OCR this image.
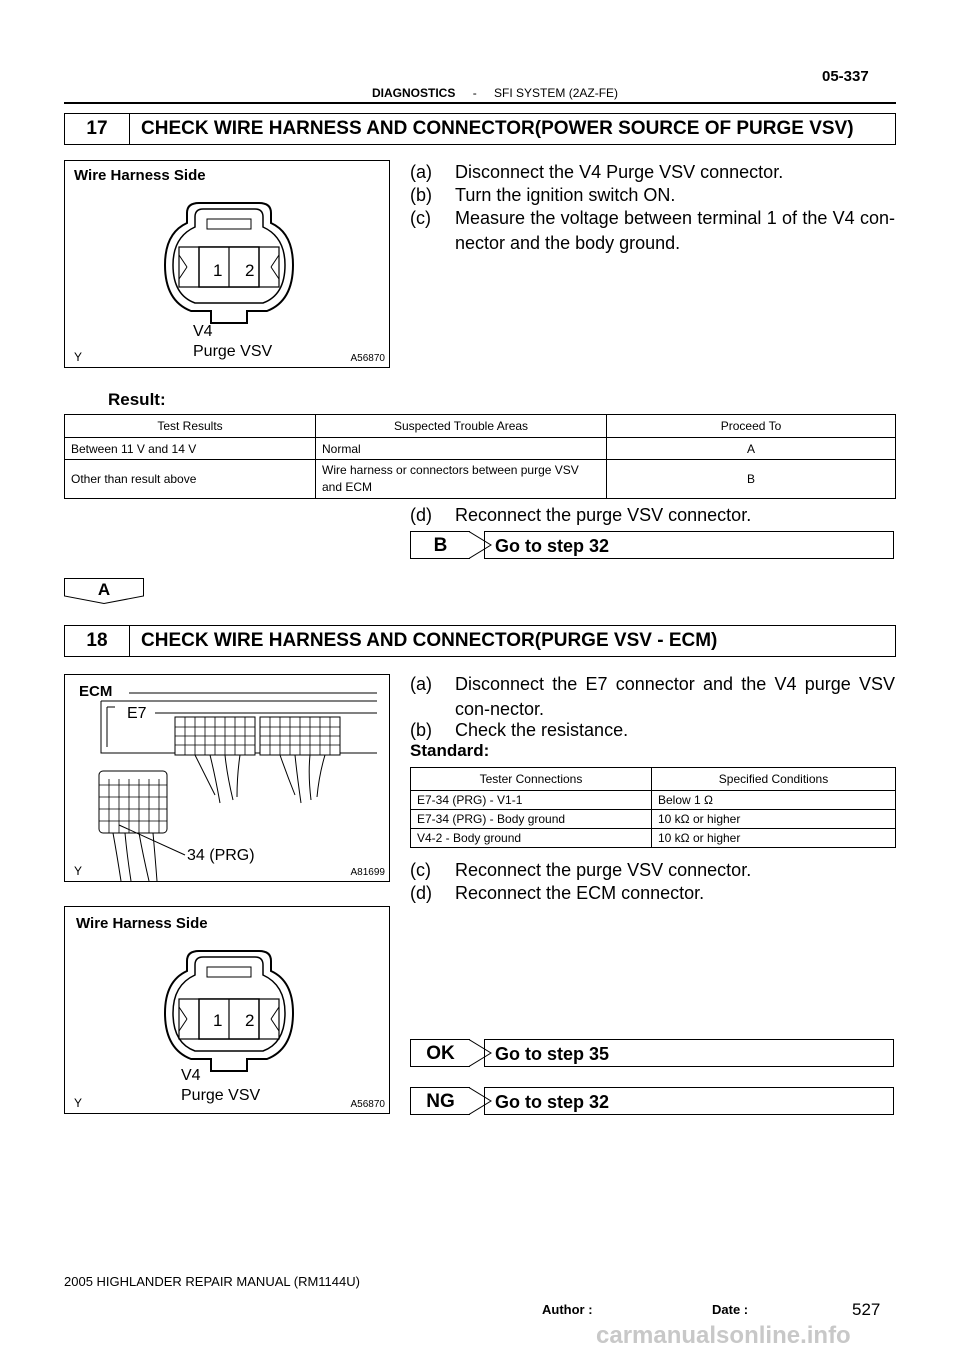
05-337
DIAGNOSTICS - SFI SYSTEM (2AZ-FE)
17	CHECK WIRE HARNESS AND CONNECTOR(POWER SOURCE OF PURGE VSV)
Wire Harness Side
1 2
V4
Purge VSV
Y	A56870
(a) Disconnect the V4 Purge VSV connector.
(b) Turn the ignition switch ON.
(c) Measure the voltage between terminal 1 of the V4 con-nector and the body ground.
Result:
Test Results	Suspected Trouble Areas	Proceed To
Between 11 V and 14 V	Normal	A
Other than result above	Wire harness or connectors between purge VSV and ECM	B
(d) Reconnect the purge VSV connector.
B	Go to step 32
A
18	CHECK WIRE HARNESS AND CONNECTOR(PURGE VSV - ECM)
ECM
E7
34 (PRG)
Y	A81699
(a) Disconnect the E7 connector and the V4 purge VSV con-nector.
(b) Check the resistance.
Standard:
Tester Connections	Specified Conditions
E7-34 (PRG) - V1-1	Below 1 Ω
E7-34 (PRG) - Body ground	10 kΩ or higher
V4-2 - Body ground	10 kΩ or higher
(c) Reconnect the purge VSV connector.
(d) Reconnect the ECM connector.
Wire Harness Side
1 2
V4
Purge VSV
Y	A56870
OK	Go to step 35
NG	Go to step 32
2005 HIGHLANDER REPAIR MANUAL (RM1144U)
Author :	Date :	527
carmanualsonline.info
